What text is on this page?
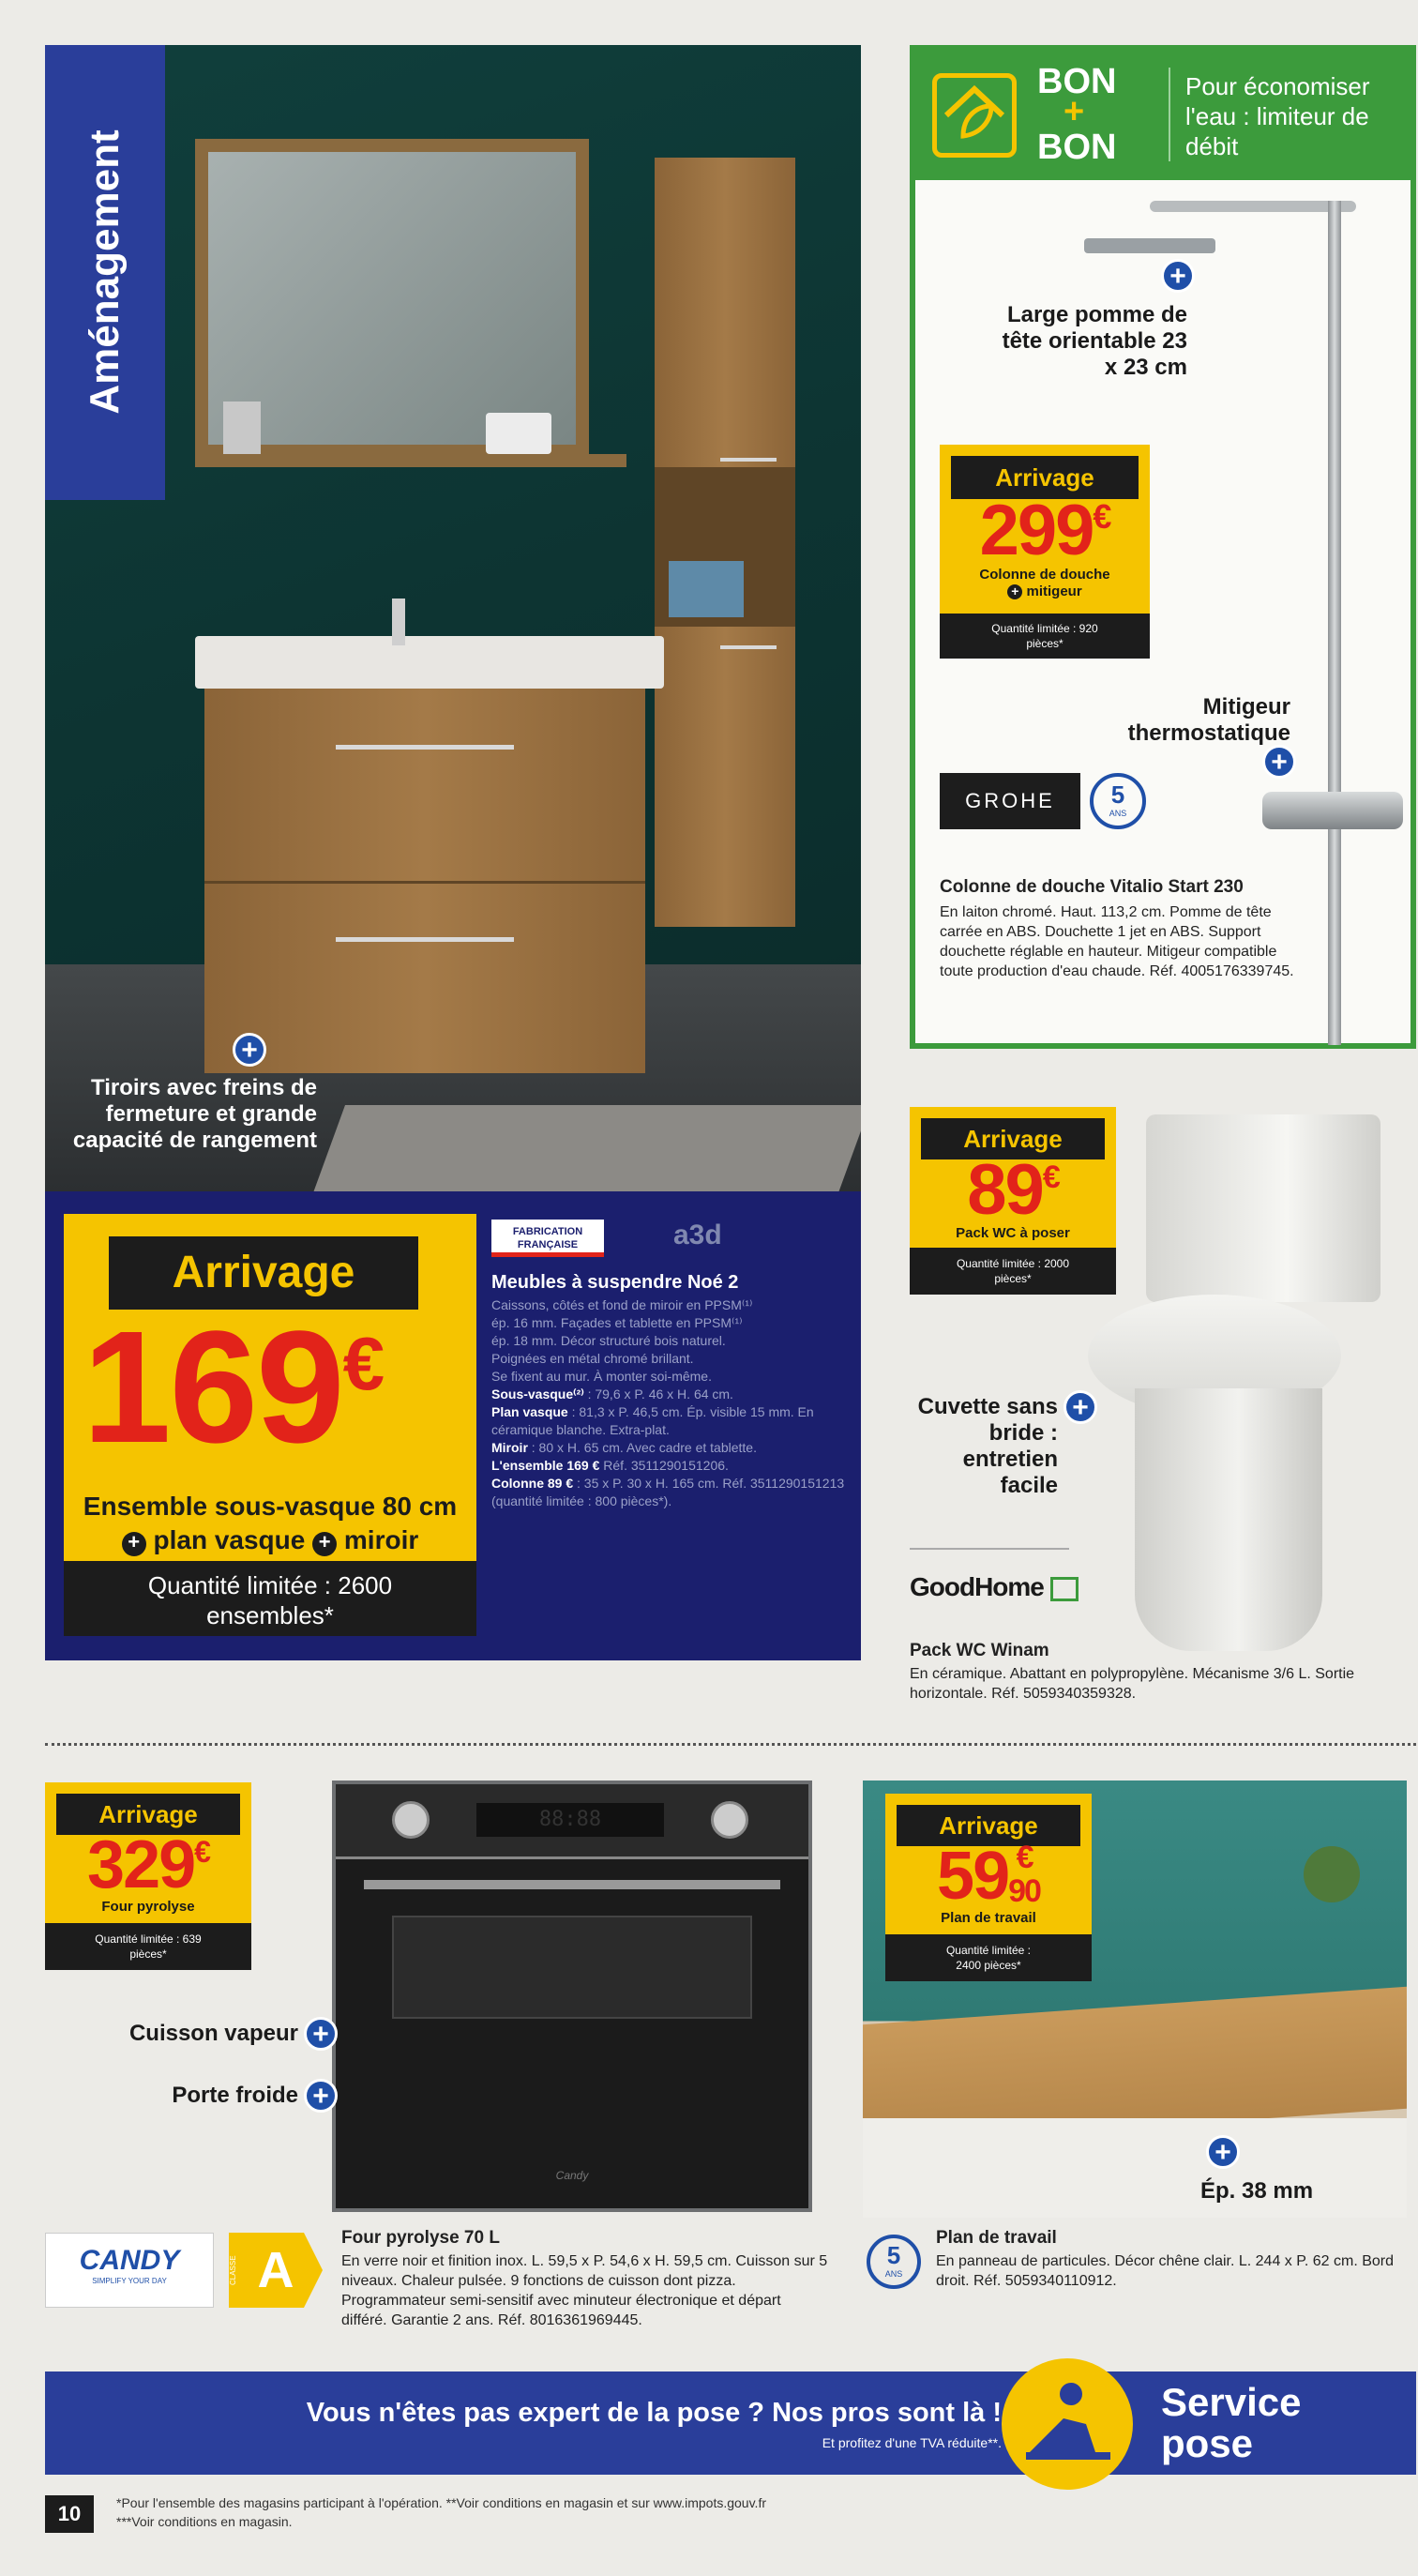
+
Tiroirs avec freins de fermeture et grande capacité de rangement
Aménagement
Arrivage
169€
Ensemble sous-vasque 80 cm
+ plan vasque + miroir
Quantité limitée : 2600 ensembles*
FABRICATION FRANÇAISE	a3d
Meubles à suspendre Noé 2
Caissons, côtés et fond de miroir en PPSM⁽¹⁾
ép. 16 mm. Façades et tablette en PPSM⁽¹⁾
ép. 18 mm. Décor structuré bois naturel.
Poignées en métal chromé brillant.
Se fixent au mur. À monter soi-même.
Sous-vasque⁽²⁾ : 79,6 x P. 46 x H. 64 cm.
Plan vasque : 81,3 x P. 46,5 cm. Ép. visible 15 mm. En céramique blanche. Extra-plat.
Miroir : 80 x H. 65 cm. Avec cadre et tablette.
L'ensemble 169 € Réf. 3511290151206.
Colonne 89 € : 35 x P. 30 x H. 165 cm. Réf. 3511290151213 (quantité limitée : 800 pièces*).
BON
+
BON
Pour économiser l'eau : limiteur de débit
+
Large pomme de tête orientable 23 x 23 cm
+
Mitigeur thermostatique
Arrivage
299€
Colonne de douche
+ mitigeur
Quantité limitée : 920 pièces*
GROHE	5
ANS
Colonne de douche Vitalio Start 230
En laiton chromé. Haut. 113,2 cm. Pomme de tête carrée en ABS. Douchette 1 jet en ABS. Support douchette réglable en hauteur. Mitigeur compatible toute production d'eau chaude. Réf. 4005176339745.
Arrivage
89€
Pack WC à poser
Quantité limitée : 2000 pièces*
+
Cuvette sans bride : entretien facile
GoodHome
Pack WC Winam
En céramique. Abattant en polypropylène. Mécanisme 3/6 L. Sortie horizontale. Réf. 5059340359328.
Arrivage
329€
Four pyrolyse
Quantité limitée : 639 pièces*
88:88
Candy
+
Cuisson vapeur
+
Porte froide
CANDY
SIMPLIFY YOUR DAY	CLASSE A
Four pyrolyse 70 L
En verre noir et finition inox. L. 59,5 x P. 54,6 x H. 59,5 cm. Cuisson sur 5 niveaux. Chaleur pulsée. 9 fonctions de cuisson dont pizza. Programmateur semi-sensitif avec minuteur électronique et départ différé. Garantie 2 ans. Réf. 8016361969445.
Arrivage
59 €
90
Plan de travail
Quantité limitée : 2400 pièces*
+
Ép. 38 mm
5
ANS
Plan de travail
En panneau de particules. Décor chêne clair. L. 244 x P. 62 cm. Bord droit. Réf. 5059340110912.
Vous n'êtes pas expert de la pose ? Nos pros sont là !
Et profitez d'une TVA réduite**.
Service
pose
10	*Pour l'ensemble des magasins participant à l'opération. **Voir conditions en magasin et sur www.impots.gouv.fr
***Voir conditions en magasin.
